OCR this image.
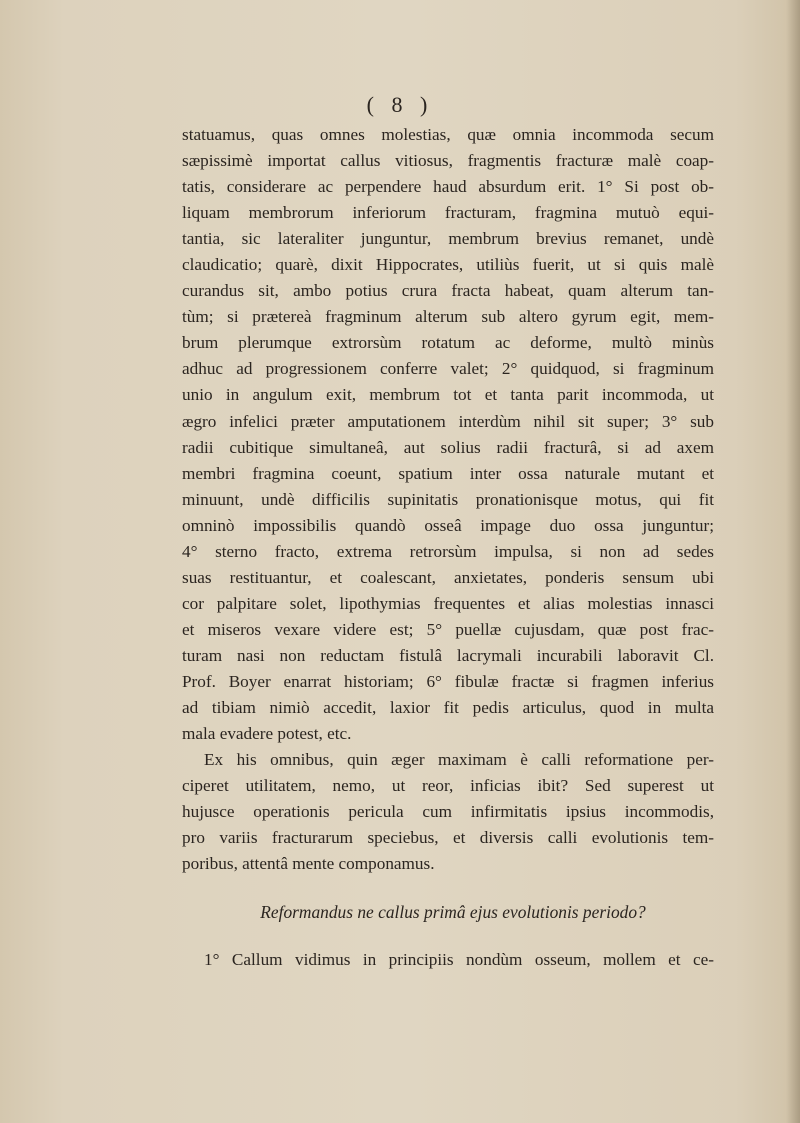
( 8 )
statuamus, quas omnes molestias, quæ omnia incommoda secum
sæpissimè importat callus vitiosus, fragmentis fracturæ malè coap-
tatis, considerare ac perpendere haud absurdum erit. 1° Si post ob-
liquam membrorum inferiorum fracturam, fragmina mutuò equi-
tantia, sic lateraliter junguntur, membrum brevius remanet, undè
claudicatio; quarè, dixit Hippocrates, utiliùs fuerit, ut si quis malè
curandus sit, ambo potius crura fracta habeat, quam alterum tan-
tùm; si prætereà fragminum alterum sub altero gyrum egit, mem-
brum plerumque extrorsùm rotatum ac deforme, multò minùs
adhuc ad progressionem conferre valet; 2° quidquod, si fragminum
unio in angulum exit, membrum tot et tanta parit incommoda, ut
ægro infelici præter amputationem interdùm nihil sit super; 3° sub
radii cubitique simultaneâ, aut solius radii fracturâ, si ad axem
membri fragmina coeunt, spatium inter ossa naturale mutant et
minuunt, undè difficilis supinitatis pronationisque motus, qui fit
omninò impossibilis quandò osseâ impage duo ossa junguntur;
4° sterno fracto, extrema retrorsùm impulsa, si non ad sedes
suas restituantur, et coalescant, anxietates, ponderis sensum ubi
cor palpitare solet, lipothymias frequentes et alias molestias innasci
et miseros vexare videre est; 5° puellæ cujusdam, quæ post frac-
turam nasi non reductam fistulâ lacrymali incurabili laboravit Cl.
Prof. Boyer enarrat historiam; 6° fibulæ fractæ si fragmen inferius
ad tibiam nimiò accedit, laxior fit pedis articulus, quod in multa
mala evadere potest, etc.
Ex his omnibus, quin æger maximam è calli reformatione per-
ciperet utilitatem, nemo, ut reor, inficias ibit? Sed superest ut
hujusce operationis pericula cum infirmitatis ipsius incommodis,
pro variis fracturarum speciebus, et diversis calli evolutionis tem-
poribus, attentâ mente componamus.
Reformandus ne callus primâ ejus evolutionis periodo?
1° Callum vidimus in principiis nondùm osseum, mollem et ce-
